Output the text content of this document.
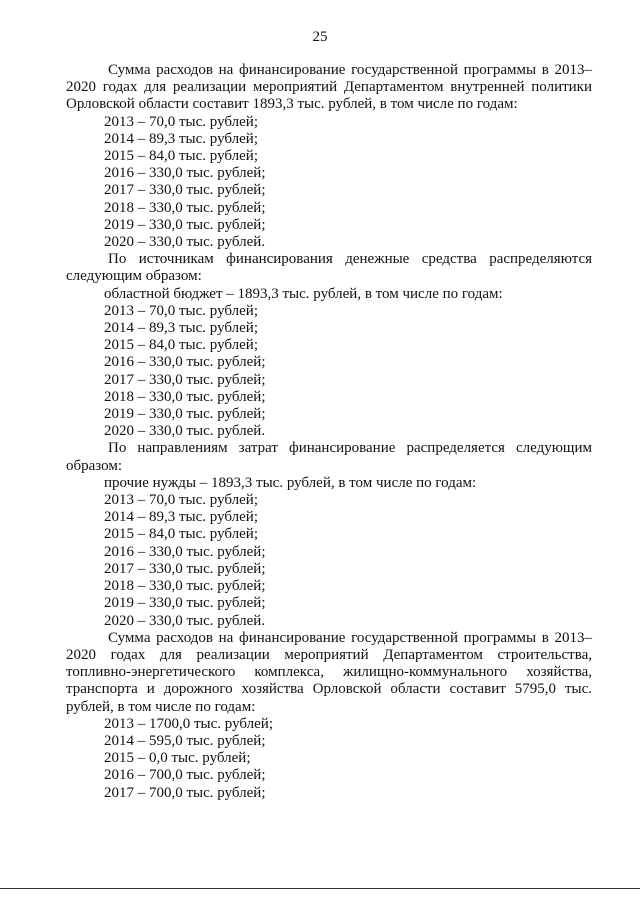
25

Сумма расходов на финансирование государственной программы в 2013–2020 годах для реализации мероприятий Департаментом внутренней политики Орловской области составит 1893,3 тыс. рублей, в том числе по годам:

2013 – 70,0 тыс. рублей;
2014 – 89,3 тыс. рублей;
2015 – 84,0 тыс. рублей;
2016 – 330,0 тыс. рублей;
2017 – 330,0 тыс. рублей;
2018 – 330,0 тыс. рублей;
2019 – 330,0 тыс. рублей;
2020 – 330,0 тыс. рублей.

По источникам финансирования денежные средства распределяются следующим образом:

областной бюджет – 1893,3 тыс. рублей, в том числе по годам:
2013 – 70,0 тыс. рублей;
2014 – 89,3 тыс. рублей;
2015 – 84,0 тыс. рублей;
2016 – 330,0 тыс. рублей;
2017 – 330,0 тыс. рублей;
2018 – 330,0 тыс. рублей;
2019 – 330,0 тыс. рублей;
2020 – 330,0 тыс. рублей.

По направлениям затрат финансирование распределяется следующим образом:

прочие нужды – 1893,3 тыс. рублей, в том числе по годам:
2013 – 70,0 тыс. рублей;
2014 – 89,3 тыс. рублей;
2015 – 84,0 тыс. рублей;
2016 – 330,0 тыс. рублей;
2017 – 330,0 тыс. рублей;
2018 – 330,0 тыс. рублей;
2019 – 330,0 тыс. рублей;
2020 – 330,0 тыс. рублей.

Сумма расходов на финансирование государственной программы в 2013–2020 годах для реализации мероприятий Департаментом строительства, топливно-энергетического комплекса, жилищно-коммунального хозяйства, транспорта и дорожного хозяйства Орловской области составит 5795,0 тыс. рублей, в том числе по годам:

2013 – 1700,0 тыс. рублей;
2014 – 595,0 тыс. рублей;
2015 – 0,0 тыс. рублей;
2016 – 700,0 тыс. рублей;
2017 – 700,0 тыс. рублей;
